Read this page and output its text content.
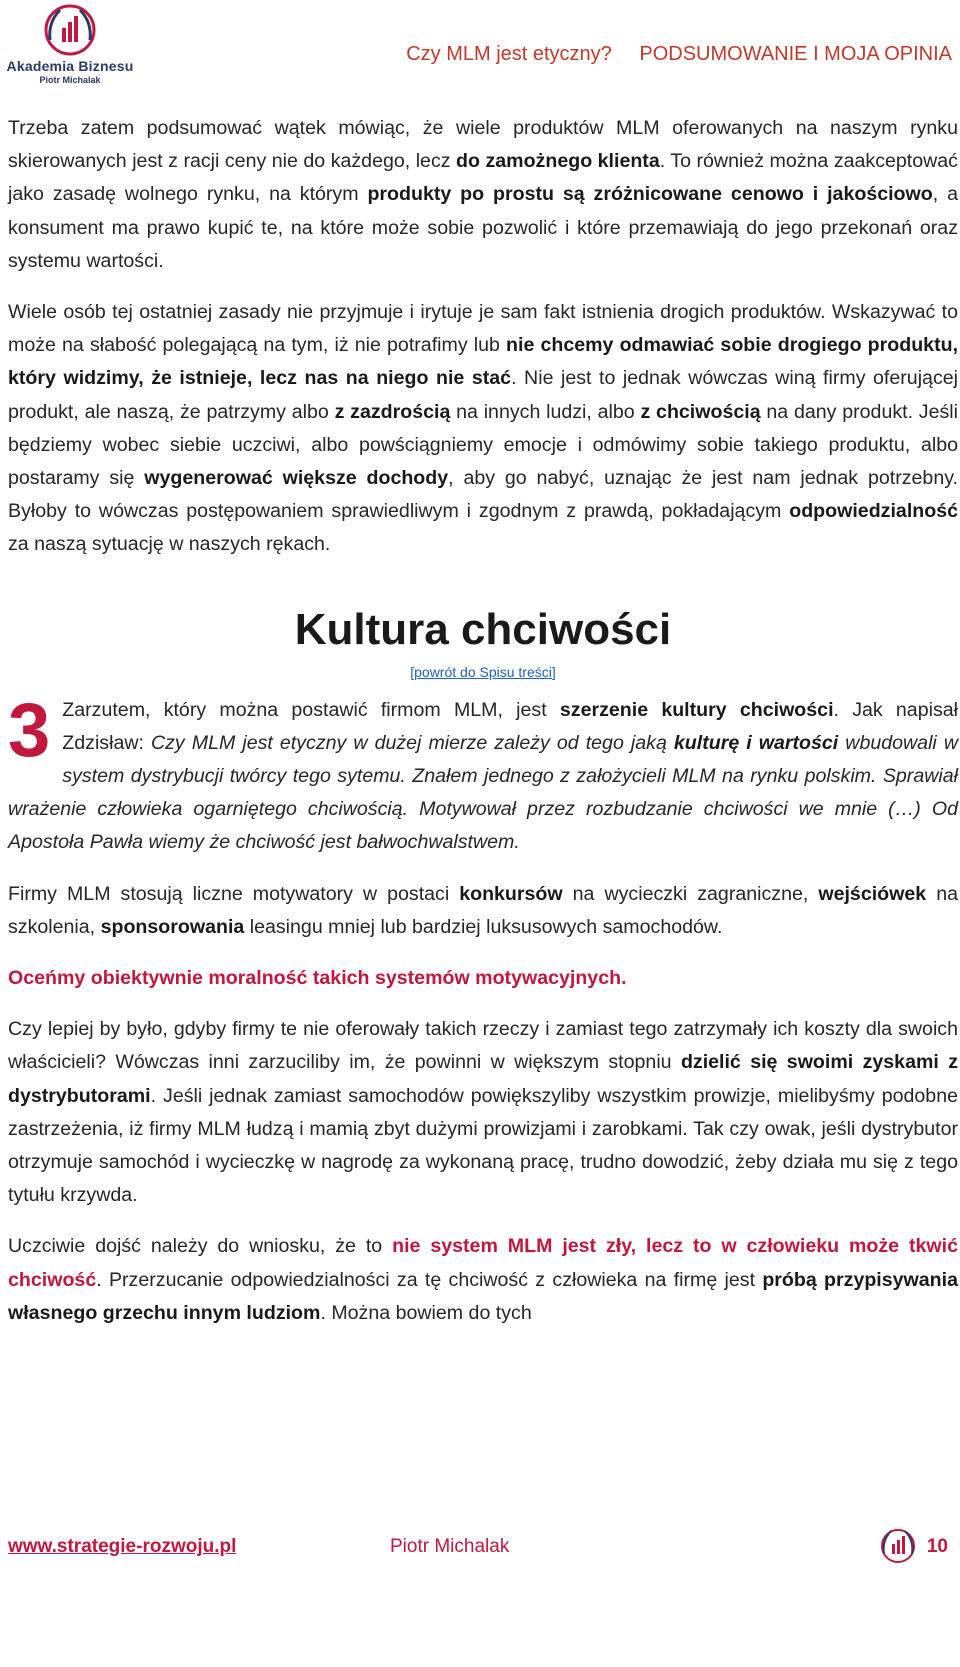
Akademia Biznesu
Piotr Michalak
Czy MLM jest etyczny? PODSUMOWANIE I MOJA OPINIA

Trzeba zatem podsumować wątek mówiąc, że wiele produktów MLM oferowanych na naszym rynku skierowanych jest z racji ceny nie do każdego, lecz do zamożnego klienta. To również można zaakceptować jako zasadę wolnego rynku, na którym produkty po prostu są zróżnicowane cenowo i jakościowo, a konsument ma prawo kupić te, na które może sobie pozwolić i które przemawiają do jego przekonań oraz systemu wartości.

Wiele osób tej ostatniej zasady nie przyjmuje i irytuje je sam fakt istnienia drogich produktów. Wskazywać to może na słabość polegającą na tym, iż nie potrafimy lub nie chcemy odmawiać sobie drogiego produktu, który widzimy, że istnieje, lecz nas na niego nie stać. Nie jest to jednak wówczas winą firmy oferującej produkt, ale naszą, że patrzymy albo z zazdrością na innych ludzi, albo z chciwością na dany produkt. Jeśli będziemy wobec siebie uczciwi, albo powściągniemy emocje i odmówimy sobie takiego produktu, albo postaramy się wygenerować większe dochody, aby go nabyć, uznając że jest nam jednak potrzebny. Byłoby to wówczas postępowaniem sprawiedliwym i zgodnym z prawdą, pokładającym odpowiedzialność za naszą sytuację w naszych rękach.

Kultura chciwości
[powrót do Spisu treści]

3 Zarzutem, który można postawić firmom MLM, jest szerzenie kultury chciwości. Jak napisał Zdzisław: Czy MLM jest etyczny w dużej mierze zależy od tego jaką kulturę i wartości wbudowali w system dystrybucji twórcy tego sytemu. Znałem jednego z założycieli MLM na rynku polskim. Sprawiał wrażenie człowieka ogarniętego chciwością. Motywował przez rozbudzanie chciwości we mnie (…) Od Apostoła Pawła wiemy że chciwość jest bałwochwalstwem.

Firmy MLM stosują liczne motywatory w postaci konkursów na wycieczki zagraniczne, wejściówek na szkolenia, sponsorowania leasingu mniej lub bardziej luksusowych samochodów.

Oceńmy obiektywnie moralność takich systemów motywacyjnych.

Czy lepiej by było, gdyby firmy te nie oferowały takich rzeczy i zamiast tego zatrzymały ich koszty dla swoich właścicieli? Wówczas inni zarzuciliby im, że powinni w większym stopniu dzielić się swoimi zyskami z dystrybutorami. Jeśli jednak zamiast samochodów powiększyliby wszystkim prowizje, mielibyśmy podobne zastrzeżenia, iż firmy MLM łudzą i mamią zbyt dużymi prowizjami i zarobkami. Tak czy owak, jeśli dystrybutor otrzymuje samochód i wycieczkę w nagrodę za wykonaną pracę, trudno dowodzić, żeby działa mu się z tego tytułu krzywda.

Uczciwie dojść należy do wniosku, że to nie system MLM jest zły, lecz to w człowieku może tkwić chciwość. Przerzucanie odpowiedzialności za tę chciwość z człowieka na firmę jest próbą przypisywania własnego grzechu innym ludziom. Można bowiem do tych

www.strategie-rozwoju.pl	Piotr Michalak	10
